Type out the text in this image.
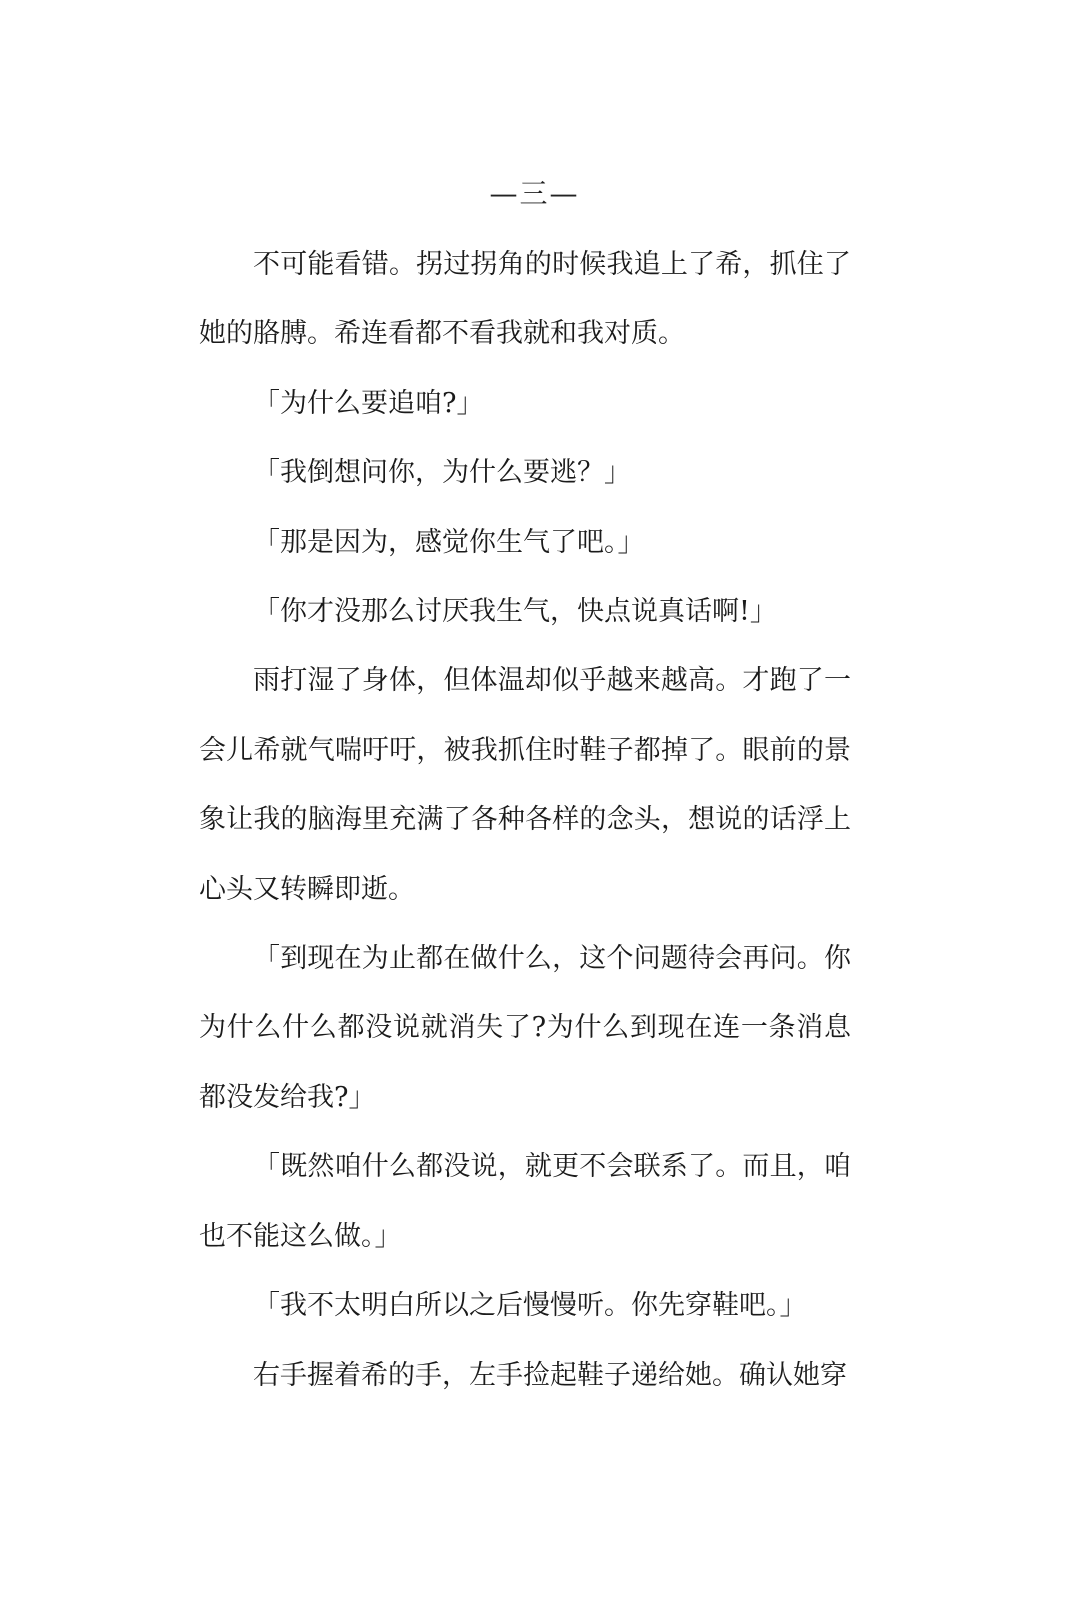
—三—

不可能看错。拐过拐角的时候我追上了希，抓住了她的胳膊。希连看都不看我就和我对质。

「为什么要追咱?」

「我倒想问你，为什么要逃？」

「那是因为，感觉你生气了吧。」

「你才没那么讨厌我生气，快点说真话啊!」

雨打湿了身体，但体温却似乎越来越高。才跑了一会儿希就气喘吁吁，被我抓住时鞋子都掉了。眼前的景象让我的脑海里充满了各种各样的念头，想说的话浮上心头又转瞬即逝。

「到现在为止都在做什么，这个问题待会再问。你为什么什么都没说就消失了?为什么到现在连一条消息都没发给我?」

「既然咱什么都没说，就更不会联系了。而且，咱也不能这么做。」

「我不太明白所以之后慢慢听。你先穿鞋吧。」

右手握着希的手，左手捡起鞋子递给她。确认她穿
